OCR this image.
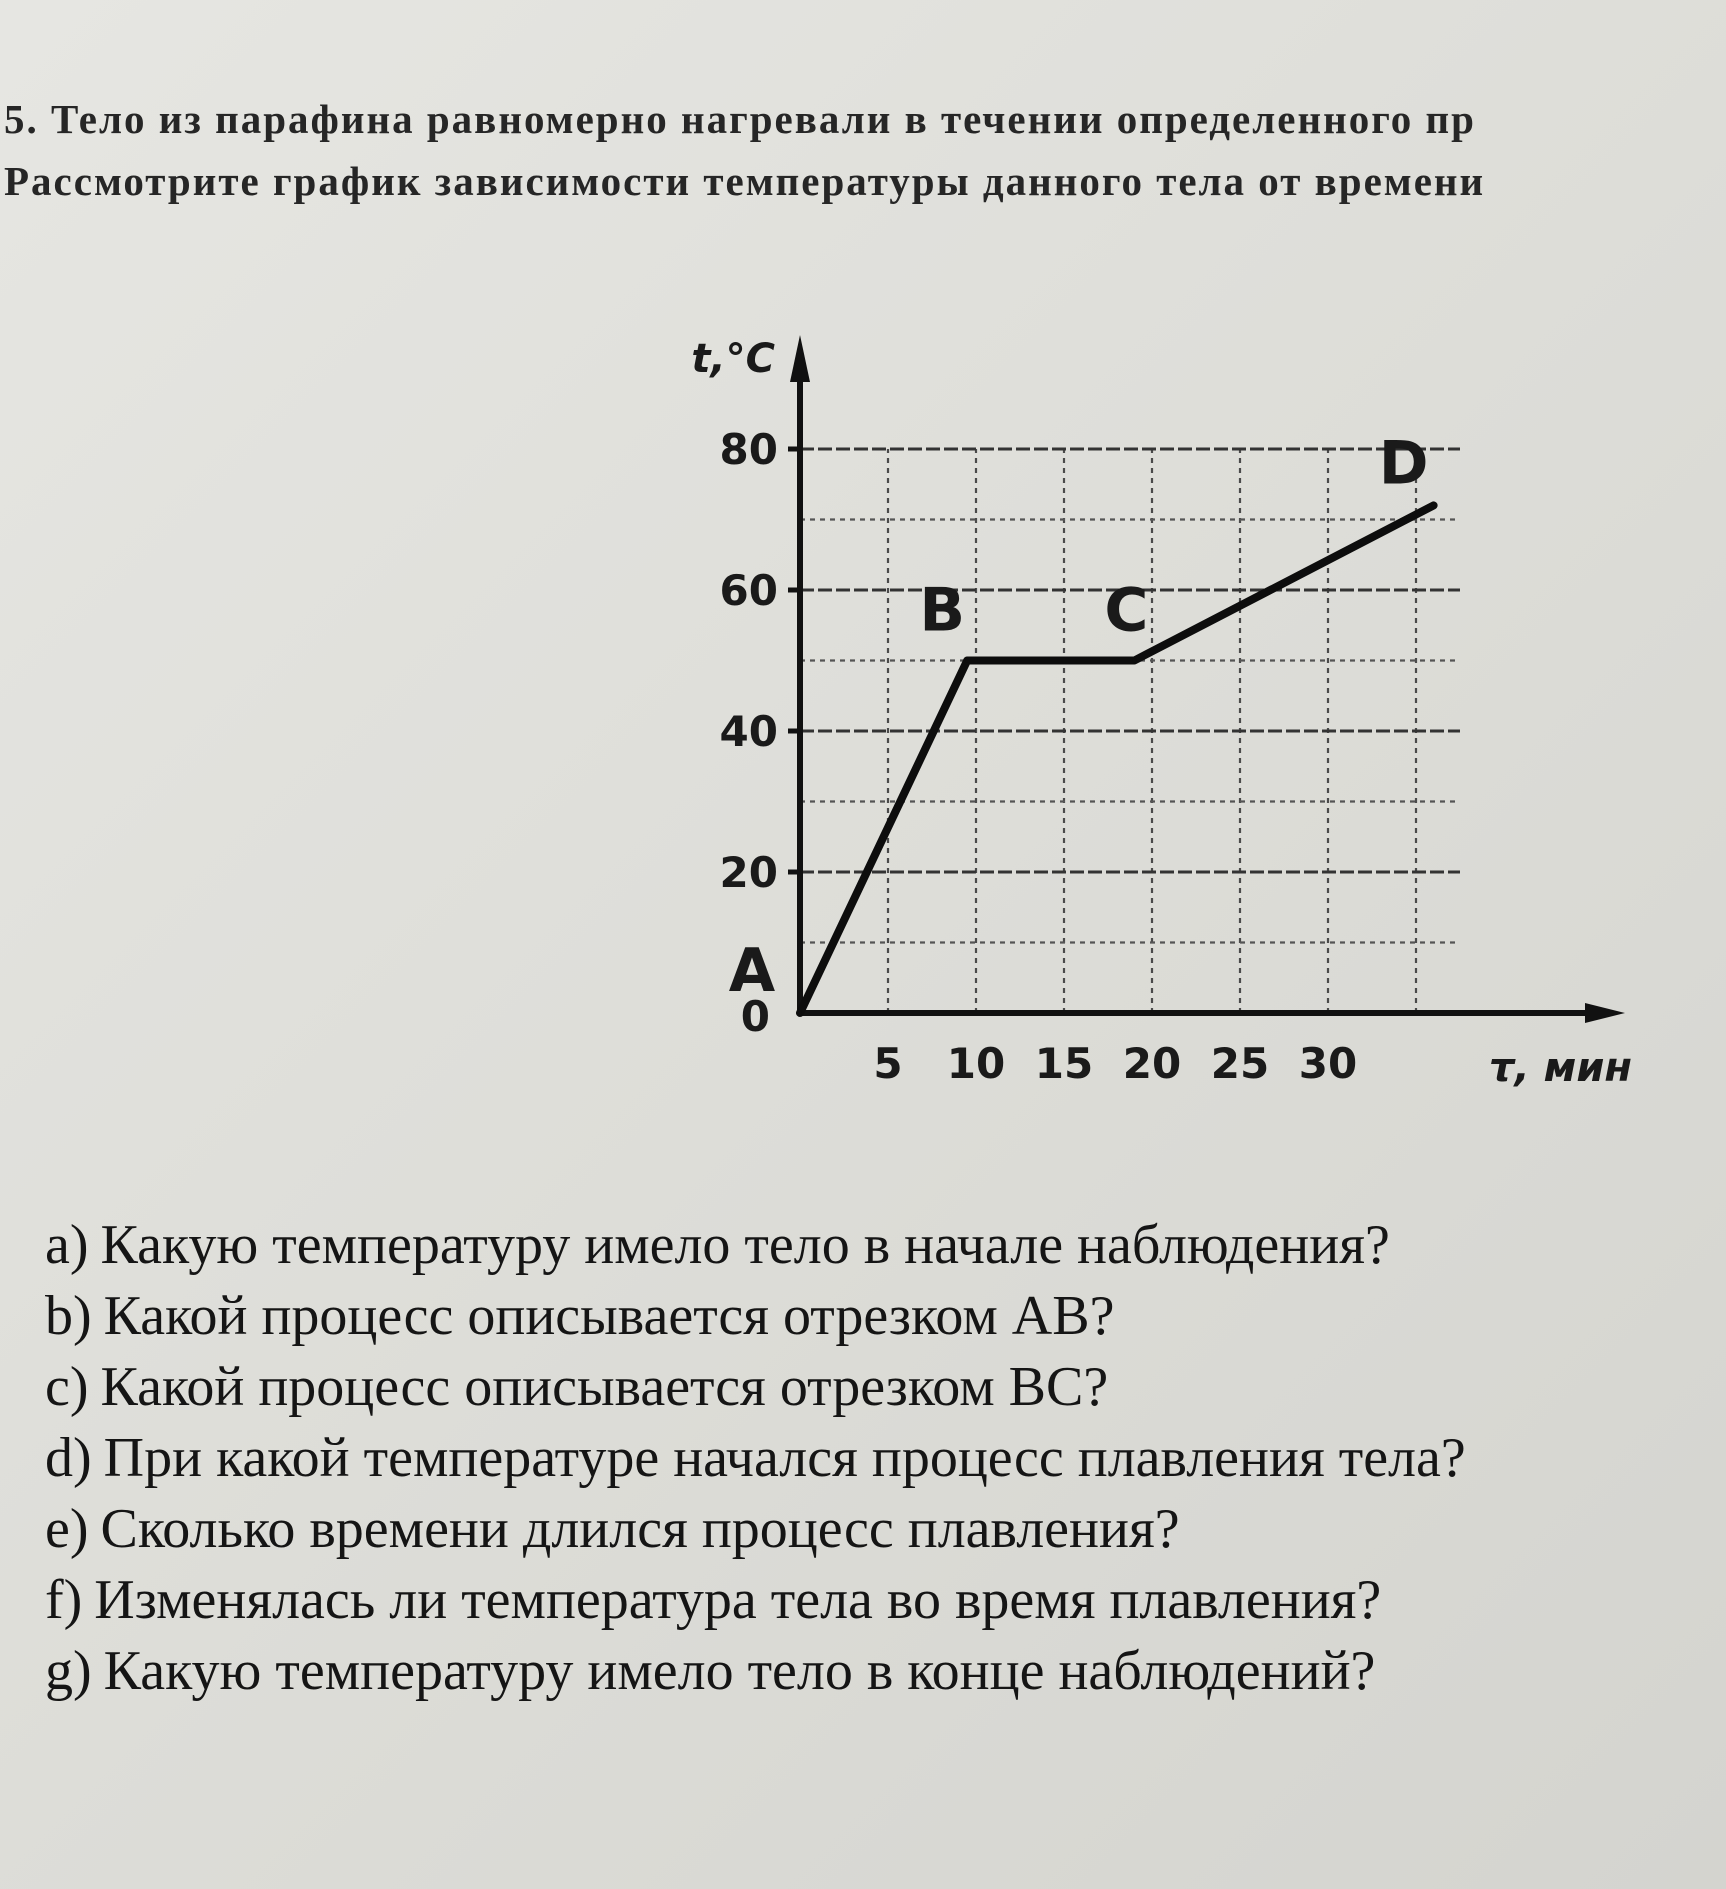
5. Тело из парафина равномерно нагревали в течении определенного пр
Рассмотрите график зависимости температуры данного тела от времени
20
40
60
80
0
5 10 15 20 25 30
t,°C
τ, мин
A
B C
D
a) Какую температуру имело тело в начале наблюдения?
b) Какой процесс описывается отрезком AB?
c) Какой процесс описывается отрезком BC?
d) При какой температуре начался процесс плавления тела?
e) Сколько времени длился процесс плавления?
f) Изменялась ли температура тела во время плавления?
g) Какую температуру имело тело в конце наблюдений?
